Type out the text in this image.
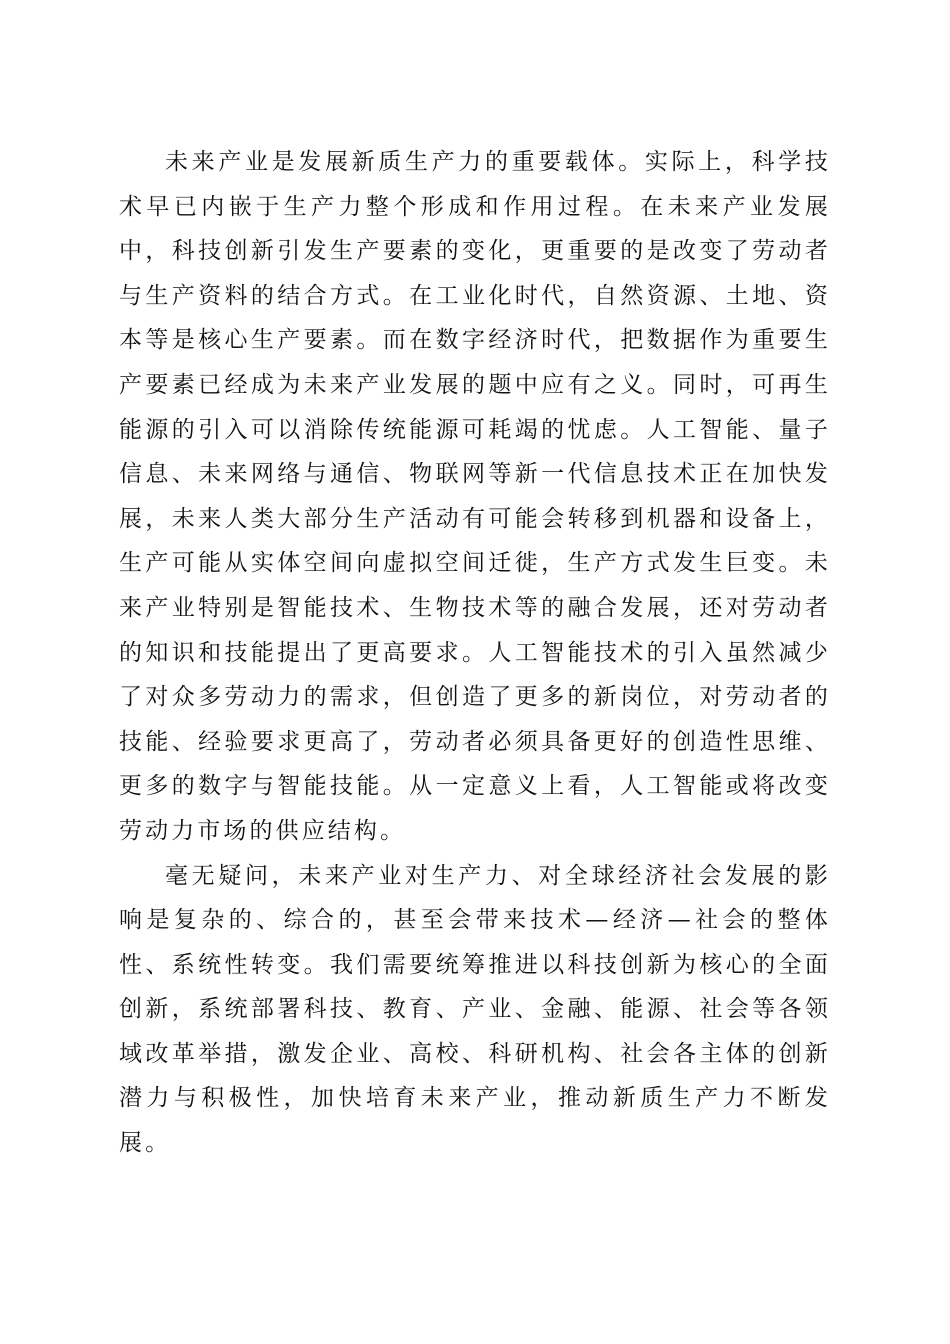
未来产业是发展新质生产力的重要载体。实际上，科学技术早已内嵌于生产力整个形成和作用过程。在未来产业发展中，科技创新引发生产要素的变化，更重要的是改变了劳动者与生产资料的结合方式。在工业化时代，自然资源、土地、资本等是核心生产要素。而在数字经济时代，把数据作为重要生产要素已经成为未来产业发展的题中应有之义。同时，可再生能源的引入可以消除传统能源可耗竭的忧虑。人工智能、量子信息、未来网络与通信、物联网等新一代信息技术正在加快发展，未来人类大部分生产活动有可能会转移到机器和设备上，生产可能从实体空间向虚拟空间迁徙，生产方式发生巨变。未来产业特别是智能技术、生物技术等的融合发展，还对劳动者的知识和技能提出了更高要求。人工智能技术的引入虽然减少了对众多劳动力的需求，但创造了更多的新岗位，对劳动者的技能、经验要求更高了，劳动者必须具备更好的创造性思维、更多的数字与智能技能。从一定意义上看，人工智能或将改变劳动力市场的供应结构。

毫无疑问，未来产业对生产力、对全球经济社会发展的影响是复杂的、综合的，甚至会带来技术—经济—社会的整体性、系统性转变。我们需要统筹推进以科技创新为核心的全面创新，系统部署科技、教育、产业、金融、能源、社会等各领域改革举措，激发企业、高校、科研机构、社会各主体的创新潜力与积极性，加快培育未来产业，推动新质生产力不断发展。
